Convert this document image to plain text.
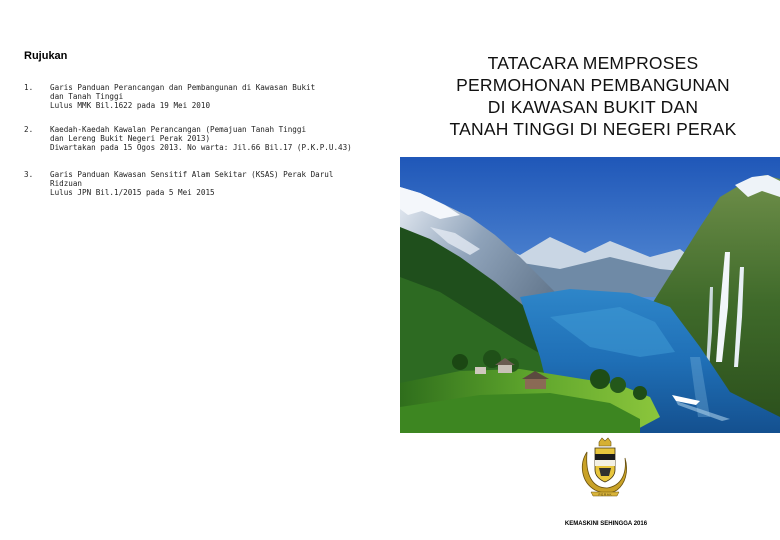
Rujukan
1.	Garis Panduan Perancangan dan Pembangunan di Kawasan Bukit
dan Tanah Tinggi
Lulus MMK Bil.1622 pada 19 Mei 2010
2.	Kaedah-Kaedah Kawalan Perancangan (Pemajuan Tanah Tinggi
dan Lereng Bukit Negeri Perak 2013)
Diwartakan pada 15 Ogos 2013. No warta: Jil.66 Bil.17 (P.K.P.U.43)
3.	Garis Panduan Kawasan Sensitif Alam Sekitar (KSAS) Perak Darul
Ridzuan
Lulus JPN Bil.1/2015 pada 5 Mei 2015
TATACARA MEMPROSES
PERMOHONAN PEMBANGUNAN
DI KAWASAN BUKIT DAN
TANAH TINGGI DI NEGERI PERAK
P E R A K
KEMASKINI SEHINGGA 2016
